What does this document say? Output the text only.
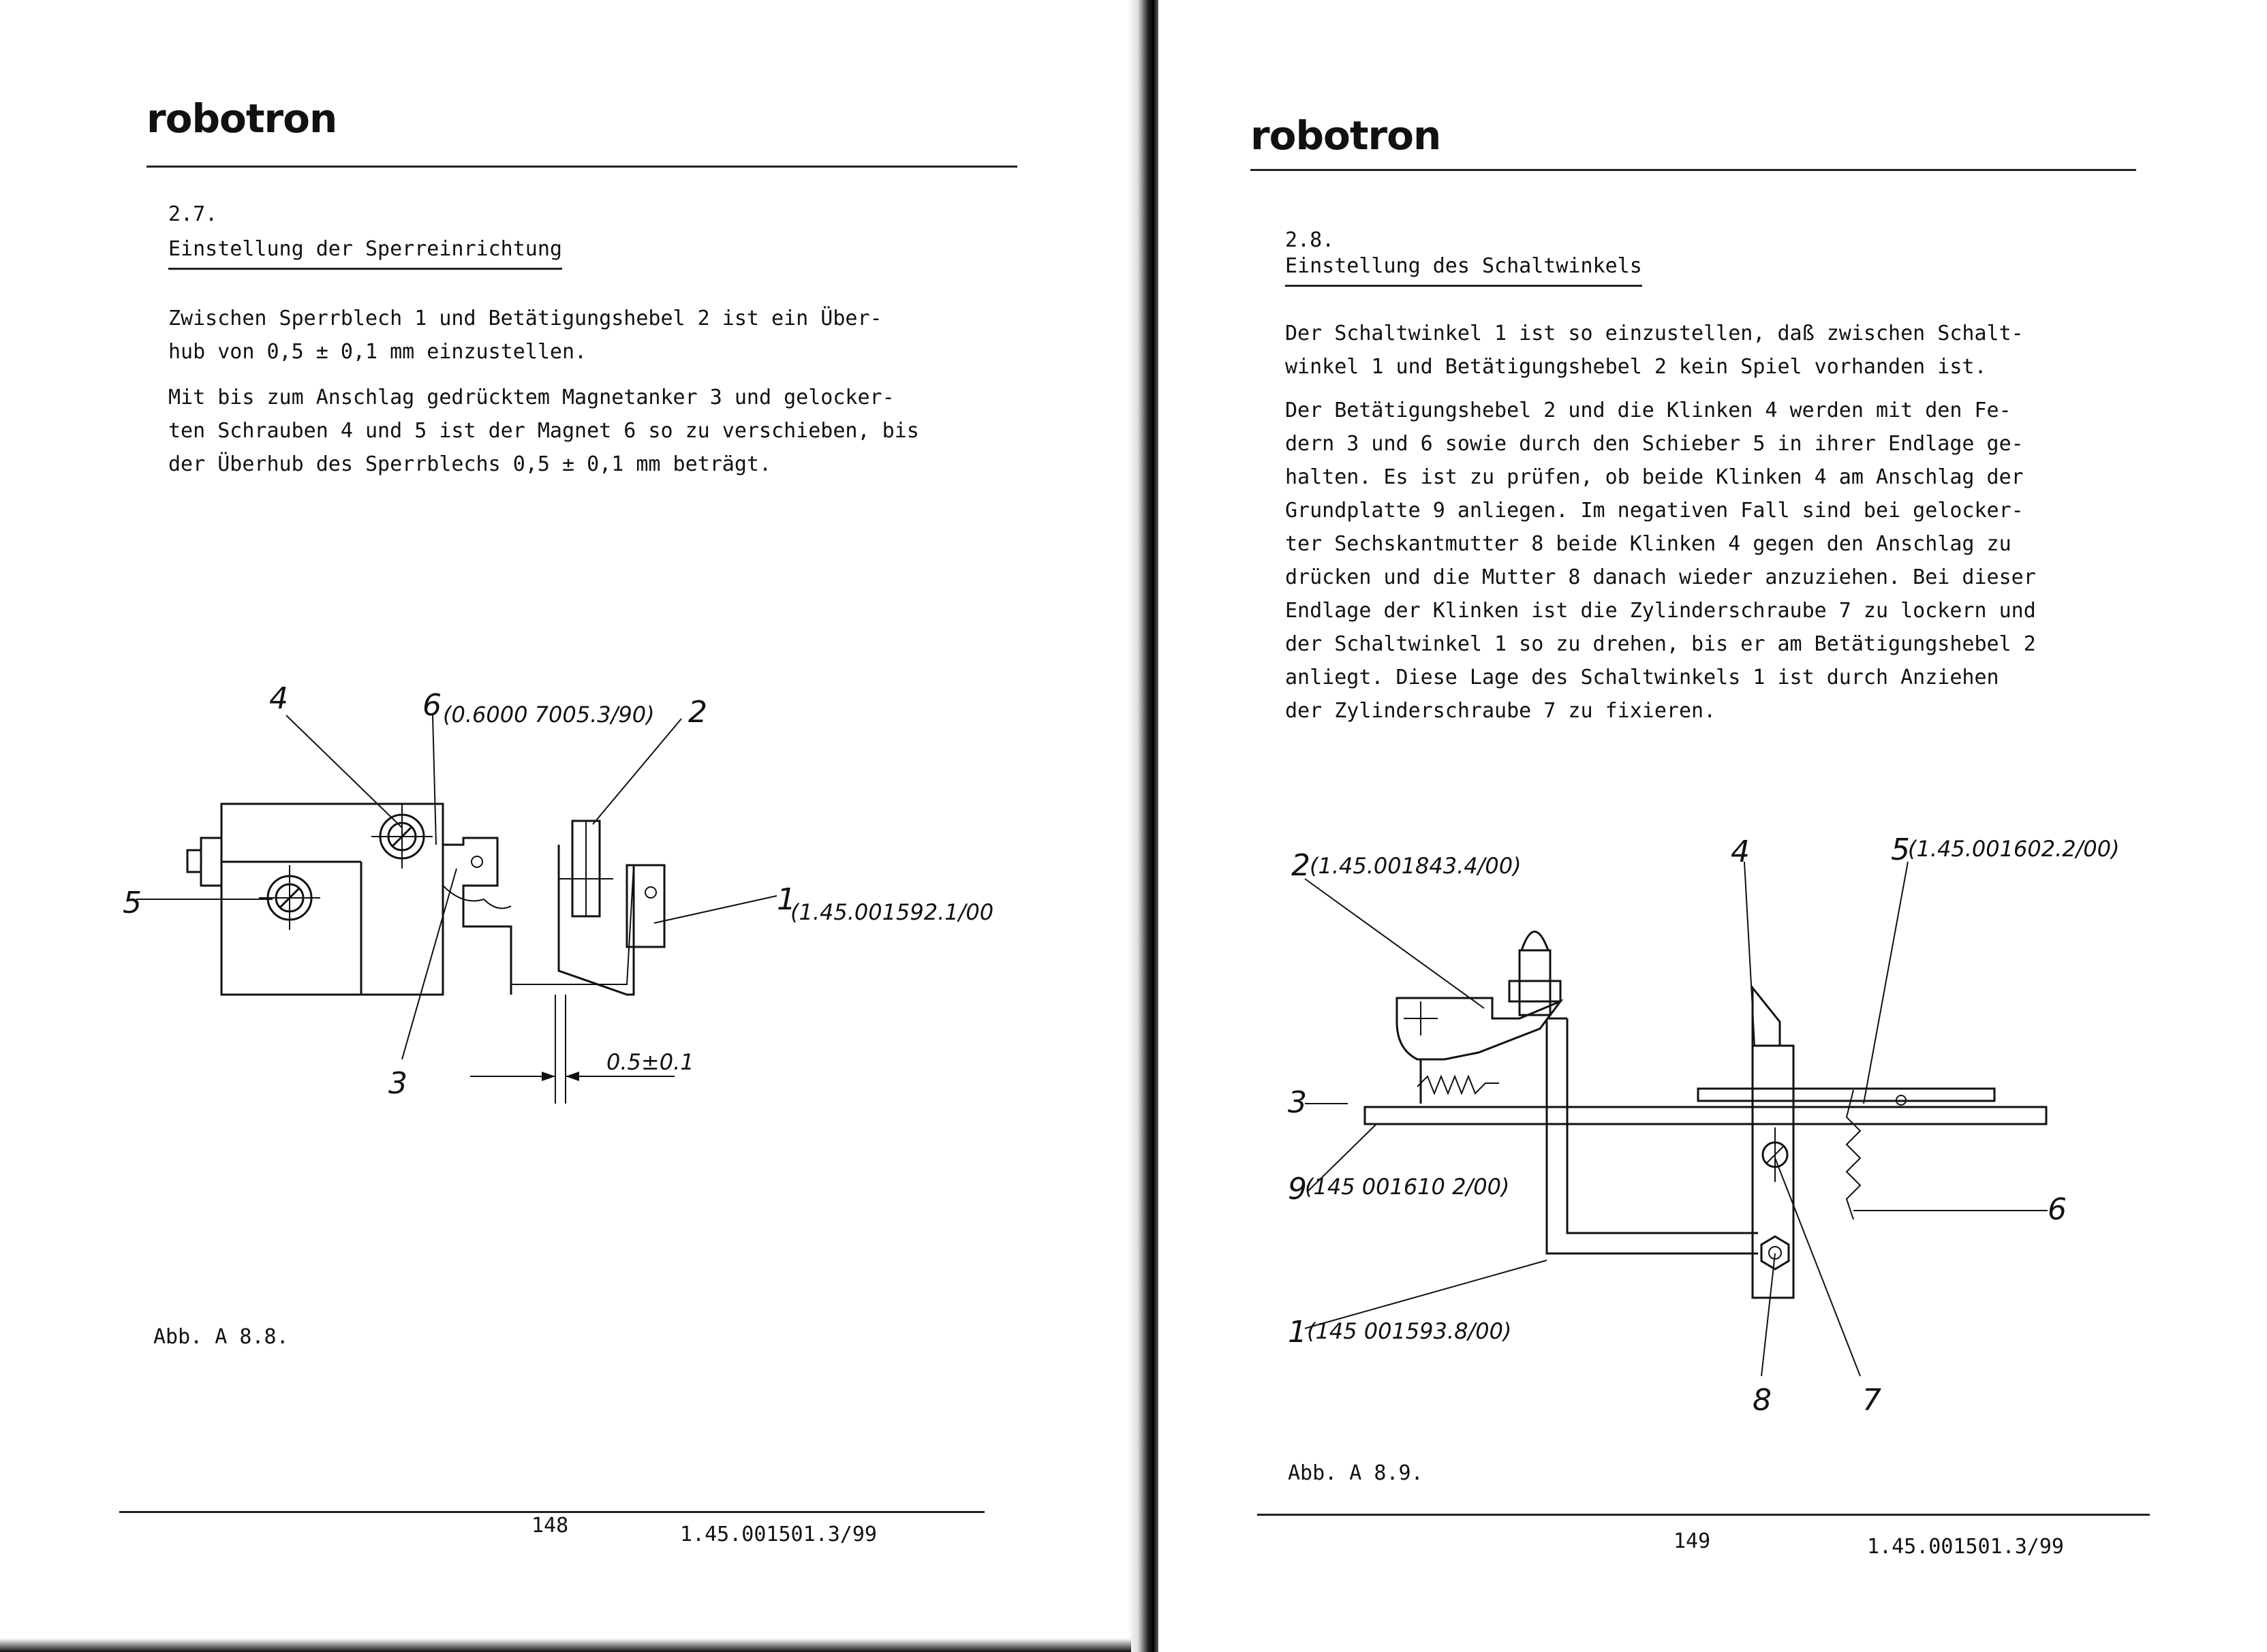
robotron
2.7.
Einstellung der Sperreinrichtung
Zwischen Sperrblech 1 und Betätigungshebel 2 ist ein Über-
hub von 0,5 ± 0,1 mm einzustellen.
Mit bis zum Anschlag gedrücktem Magnetanker 3 und gelocker-
ten Schrauben 4 und 5 ist der Magnet 6 so zu verschieben, bis
der Überhub des Sperrblechs 0,5 ± 0,1 mm beträgt.
4	6 (0.6000 7005.3/90) 2
5	1
(1.45.001592.1/00
3
0.5±0.1
Abb. A 8.8.
148	1.45.001501.3/99
robotron
2.8.
Einstellung des Schaltwinkels
Der Schaltwinkel 1 ist so einzustellen, daß zwischen Schalt-
winkel 1 und Betätigungshebel 2 kein Spiel vorhanden ist.
Der Betätigungshebel 2 und die Klinken 4 werden mit den Fe-
dern 3 und 6 sowie durch den Schieber 5 in ihrer Endlage ge-
halten. Es ist zu prüfen, ob beide Klinken 4 am Anschlag der
Grundplatte 9 anliegen. Im negativen Fall sind bei gelocker-
ter Sechskantmutter 8 beide Klinken 4 gegen den Anschlag zu
drücken und die Mutter 8 danach wieder anzuziehen. Bei dieser
Endlage der Klinken ist die Zylinderschraube 7 zu lockern und
der Schaltwinkel 1 so zu drehen, bis er am Betätigungshebel 2
anliegt. Diese Lage des Schaltwinkels 1 ist durch Anziehen
der Zylinderschraube 7 zu fixieren.
2 (1.45.001843.4/00)	4	5
(1.45.001602.2/00)
3
9
(145 001610 2/00)
6
1 (145 001593.8/00)
8	7
Abb. A 8.9.
149	1.45.001501.3/99
